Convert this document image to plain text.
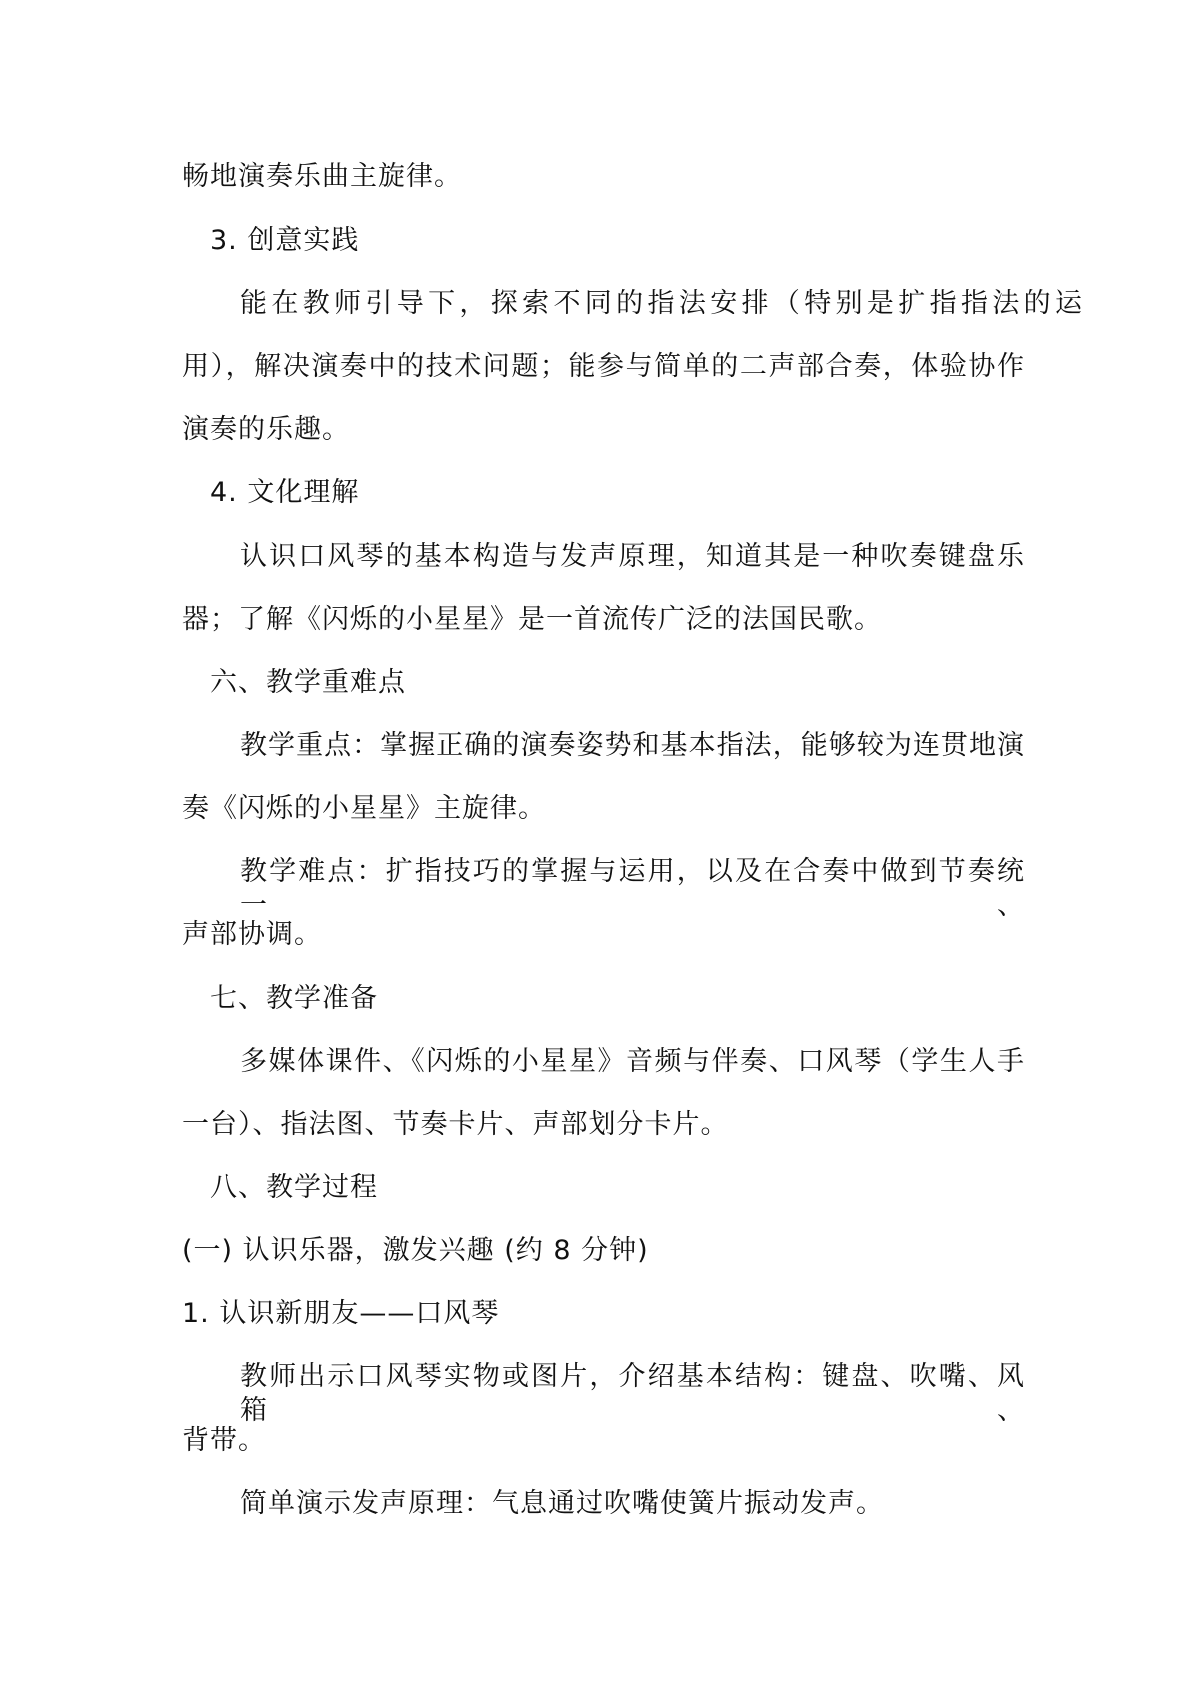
畅地演奏乐曲主旋律。
3. 创意实践
能在教师引导下，探索不同的指法安排（特别是扩指指法的运
用），解决演奏中的技术问题；能参与简单的二声部合奏，体验协作
演奏的乐趣。
4. 文化理解
认识口风琴的基本构造与发声原理，知道其是一种吹奏键盘乐
器；了解《闪烁的小星星》是一首流传广泛的法国民歌。
六、教学重难点
教学重点：掌握正确的演奏姿势和基本指法，能够较为连贯地演
奏《闪烁的小星星》主旋律。
教学难点：扩指技巧的掌握与运用，以及在合奏中做到节奏统一、
声部协调。
七、教学准备
多媒体课件、《闪烁的小星星》音频与伴奏、口风琴（学生人手
一台）、指法图、节奏卡片、声部划分卡片。
八、教学过程
(一) 认识乐器，激发兴趣 (约 8 分钟)
1. 认识新朋友——口风琴
教师出示口风琴实物或图片，介绍基本结构：键盘、吹嘴、风箱、
背带。
简单演示发声原理：气息通过吹嘴使簧片振动发声。
